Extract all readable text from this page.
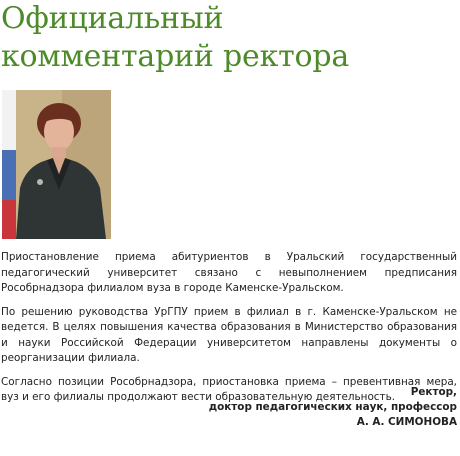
Официальный
комментарий ректора

Приостановление приема абитуриентов в Уральский государственный педагогический университет связано с невыполнением предписания Рособрнадзора филиалом вуза в городе Каменске-Уральском.

По решению руководства УрГПУ прием в филиал в г. Каменске-Уральском не ведется. В целях повышения качества образования в Министерство образования и науки Российской Федерации университетом направлены документы о реорганизации филиала.

Согласно позиции Рособрнадзора, приостановка приема – превентивная мера, вуз и его филиалы продолжают вести образовательную деятельность.	Ректор,
доктор педагогических наук, профессор
А. А. СИМОНОВА
